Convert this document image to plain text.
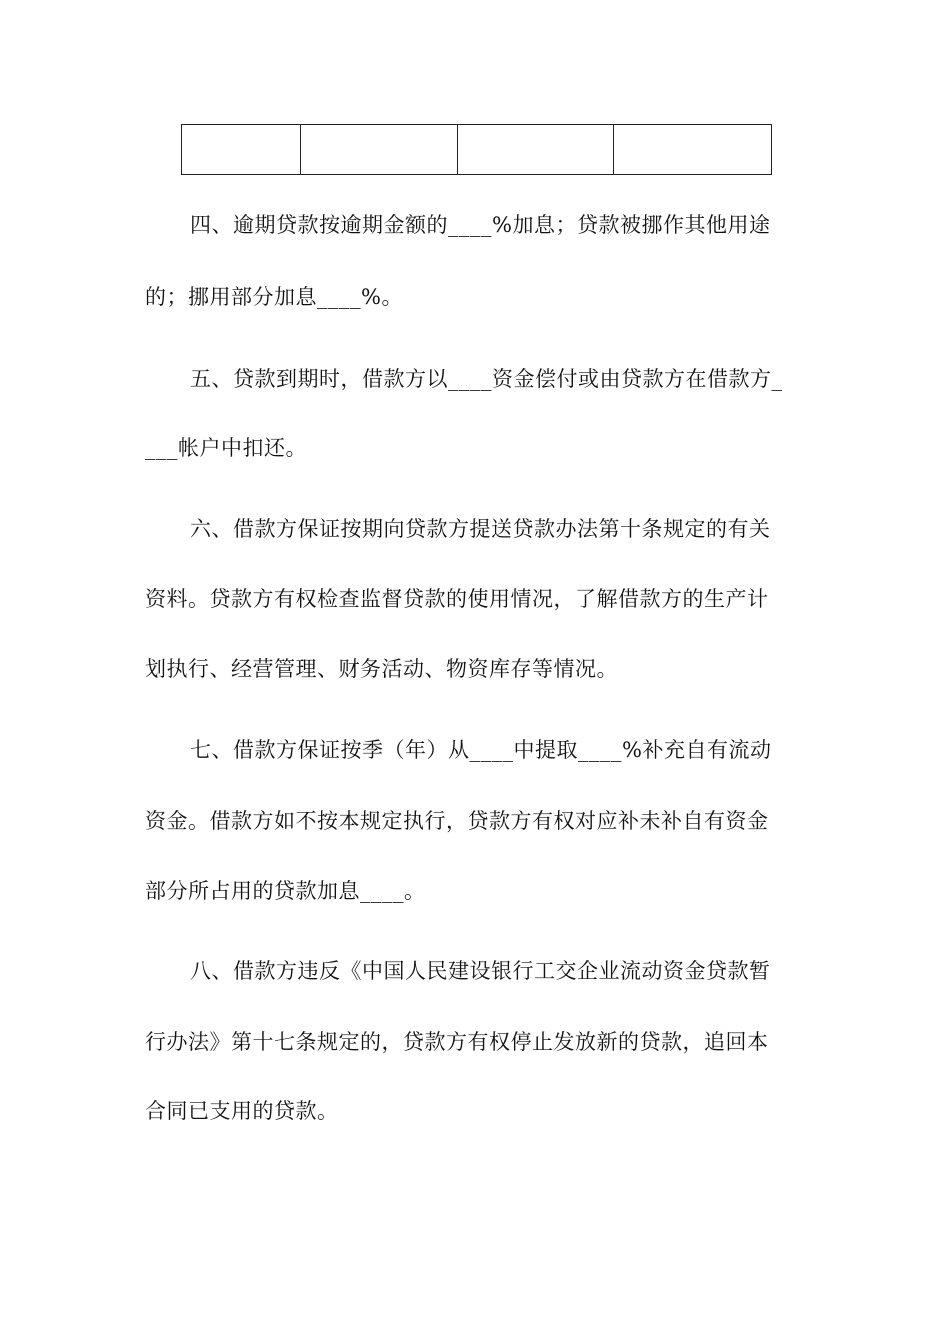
四、逾期贷款按逾期金额的____%加息；贷款被挪作其他用途
的；挪用部分加息____%。
五、贷款到期时，借款方以____资金偿付或由贷款方在借款方_
___帐户中扣还。
六、借款方保证按期向贷款方提送贷款办法第十条规定的有关
资料。贷款方有权检查监督贷款的使用情况，了解借款方的生产计
划执行、经营管理、财务活动、物资库存等情况。
七、借款方保证按季（年）从____中提取____%补充自有流动
资金。借款方如不按本规定执行，贷款方有权对应补未补自有资金
部分所占用的贷款加息____。
八、借款方违反《中国人民建设银行工交企业流动资金贷款暂
行办法》第十七条规定的，贷款方有权停止发放新的贷款，追回本
合同已支用的贷款。
